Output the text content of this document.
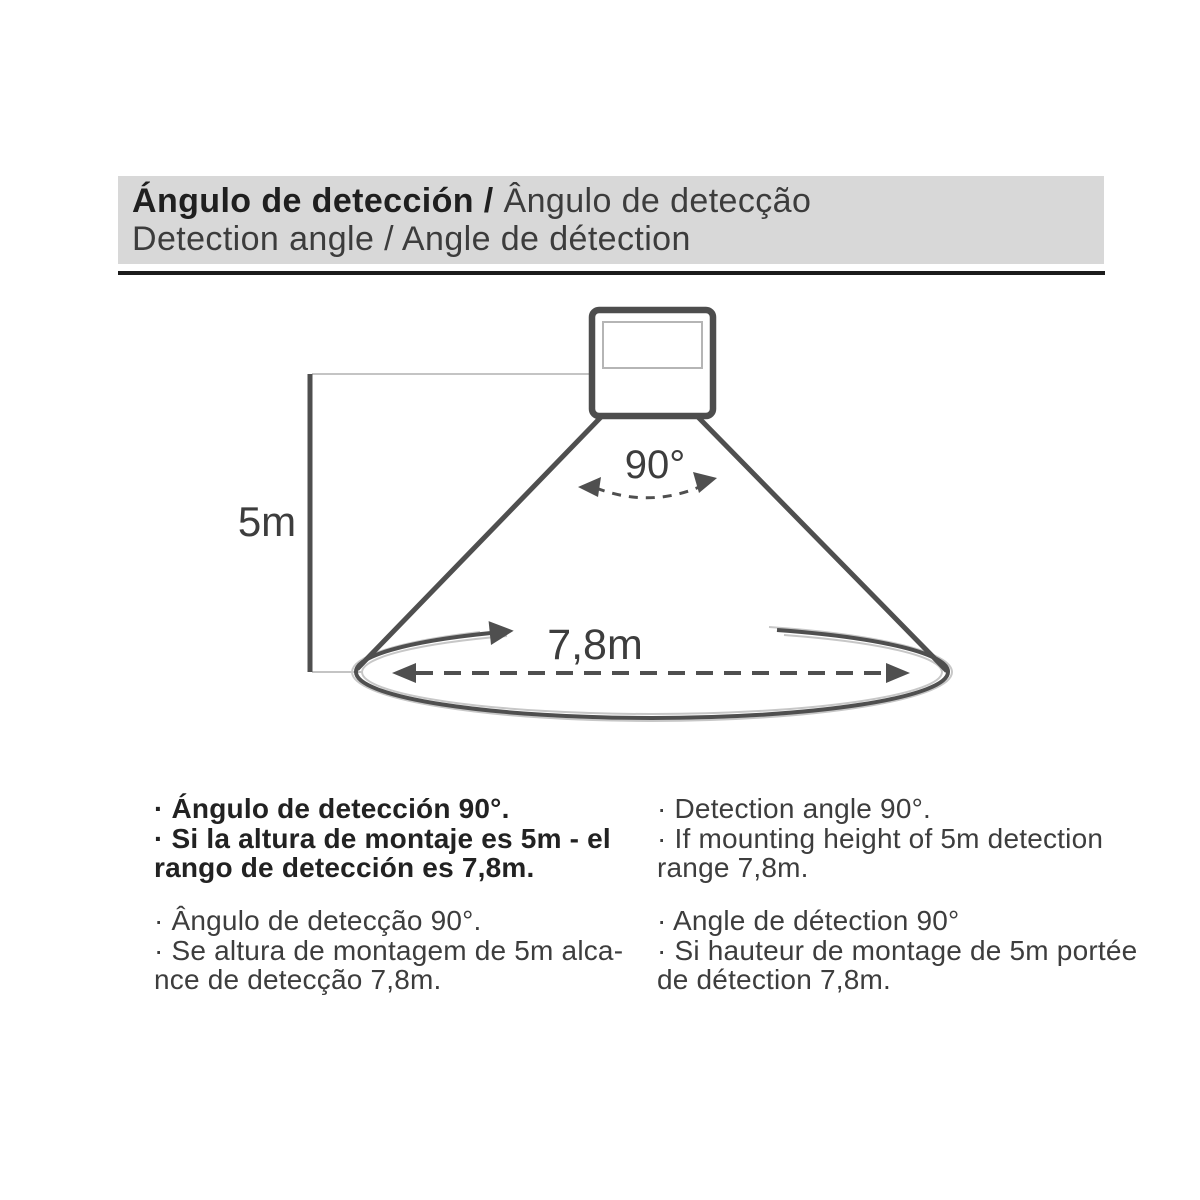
Ángulo de detección / Ângulo de detecção
Detection angle / Angle de détection
5m
90°
7,8m
· Ángulo de detección 90°.
· Si la altura de montaje es 5m - el
rango de detección es 7,8m.
· Ângulo de detecção 90°.
· Se altura de montagem de 5m alca-
nce de detecção 7,8m.
· Detection angle 90°.
· If mounting height of 5m detection
range 7,8m.
· Angle de détection 90°
· Si hauteur de montage de 5m portée
de détection 7,8m.
